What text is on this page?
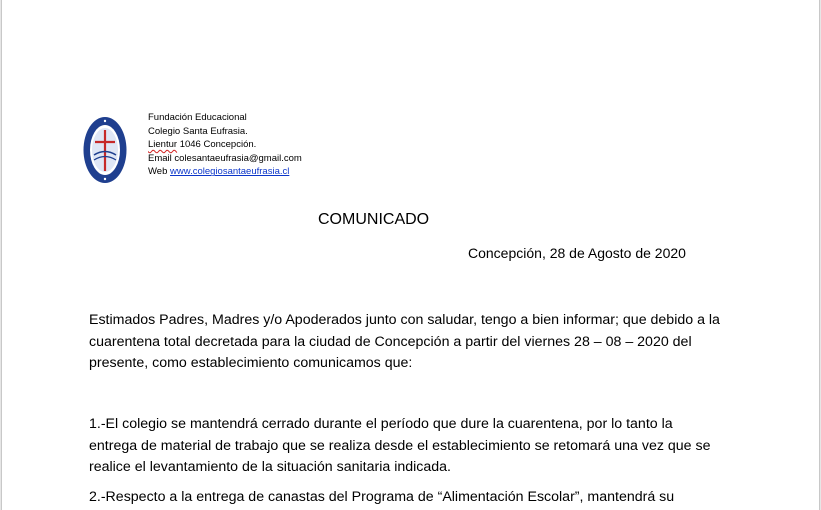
Fundación Educacional
Colegio Santa Eufrasia.
Lientur 1046 Concepción.
Email colesantaeufrasia@gmail.com
Web www.colegiosantaeufrasia.cl
COMUNICADO
Concepción, 28 de Agosto de 2020
Estimados Padres, Madres y/o Apoderados junto con saludar, tengo a bien informar; que debido a la
cuarentena total decretada para la ciudad de Concepción a partir del viernes 28 – 08 – 2020 del
presente, como establecimiento comunicamos que:
1.-El colegio se mantendrá cerrado durante el período que dure la cuarentena, por lo tanto la
entrega de material de trabajo que se realiza desde el establecimiento se retomará una vez que se
realice el levantamiento de la situación sanitaria indicada.
2.-Respecto a la entrega de canastas del Programa de “Alimentación Escolar”, mantendrá su
